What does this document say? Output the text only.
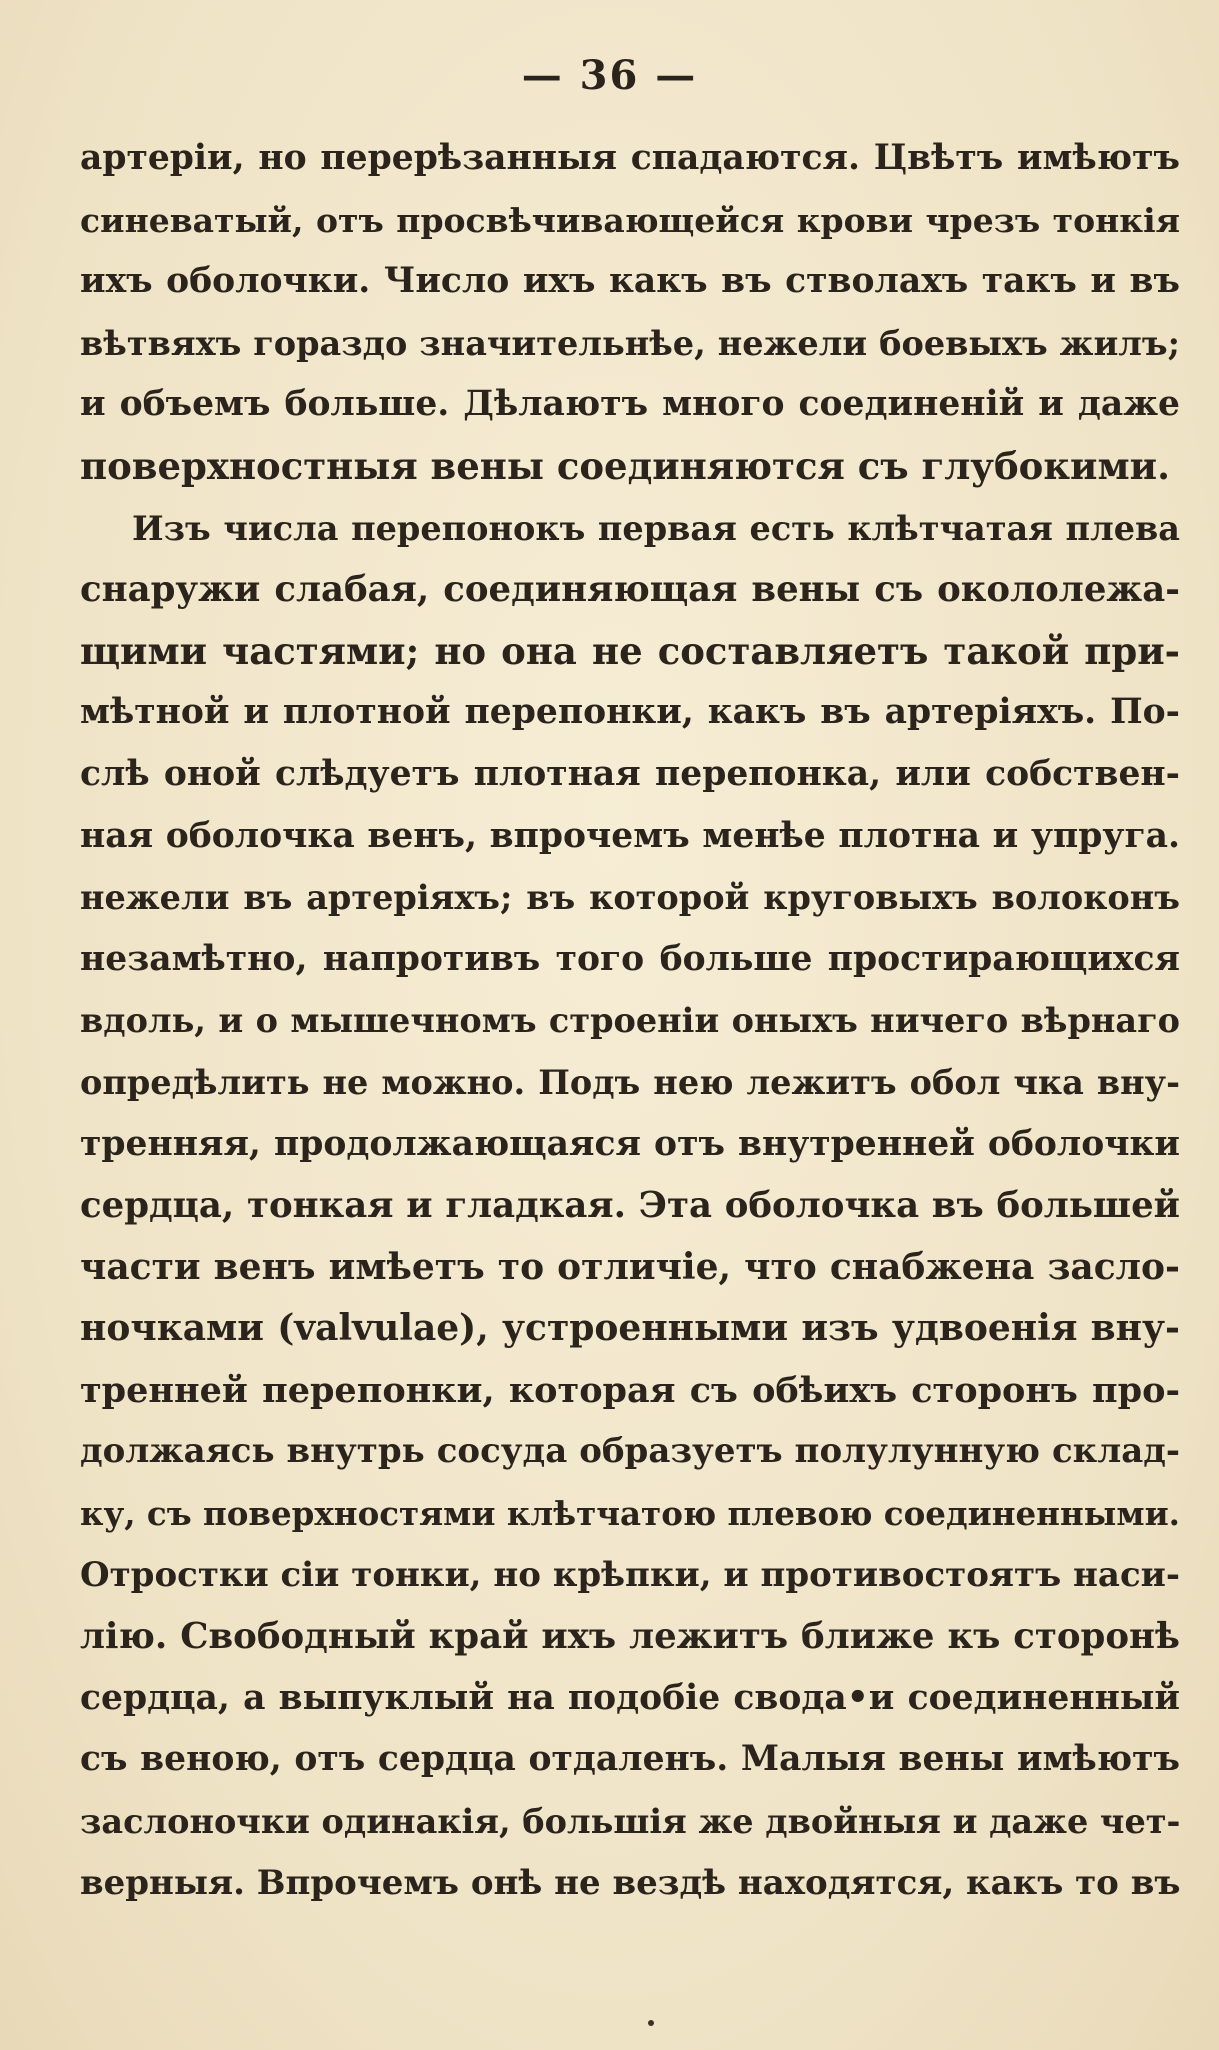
— 36 —
артерiи, но перерѣзанныя спадаются. Цвѣтъ имѣютъ
синеватый, отъ просвѣчивающейся крови чрезъ тонкiя
ихъ оболочки. Число ихъ какъ въ стволахъ такъ и въ
вѣтвяхъ гораздо значительнѣе, нежели боевыхъ жилъ;
и объемъ больше. Дѣлаютъ много соединенiй и даже
поверхностныя вены соединяются съ глубокими.
Изъ числа перепонокъ первая есть клѣтчатая плева
снаружи слабая, соединяющая вены съ окололежа-
щими частями; но она не составляетъ такой при-
мѣтной и плотной перепонки, какъ въ артерiяхъ. По-
слѣ оной слѣдуетъ плотная перепонка, или собствен-
ная оболочка венъ, впрочемъ менѣе плотна и упруга.
нежели въ артерiяхъ; въ которой круговыхъ волоконъ
незамѣтно, напротивъ того больше простирающихся
вдоль, и о мышечномъ строенiи оныхъ ничего вѣрнаго
опредѣлить не можно. Подъ нею лежитъ обол чка вну-
тренняя, продолжающаяся отъ внутренней оболочки
сердца, тонкая и гладкая. Эта оболочка въ большей
части венъ имѣетъ то отличiе, что снабжена засло-
ночками (valvulae), устроенными изъ удвоенiя вну-
тренней перепонки, которая съ обѣихъ сторонъ про-
должаясь внутрь сосуда образуетъ полулунную склад-
ку, съ поверхностями клѣтчатою плевою соединенными.
Отростки сiи тонки, но крѣпки, и противостоятъ наси-
лiю. Свободный край ихъ лежитъ ближе къ сторонѣ
сердца, а выпуклый на подобiе свода•и соединенный
съ веною, отъ сердца отдаленъ. Малыя вены имѣютъ
заслоночки одинакiя, большiя же двойныя и даже чет-
верныя. Впрочемъ онѣ не вездѣ находятся, какъ то въ
